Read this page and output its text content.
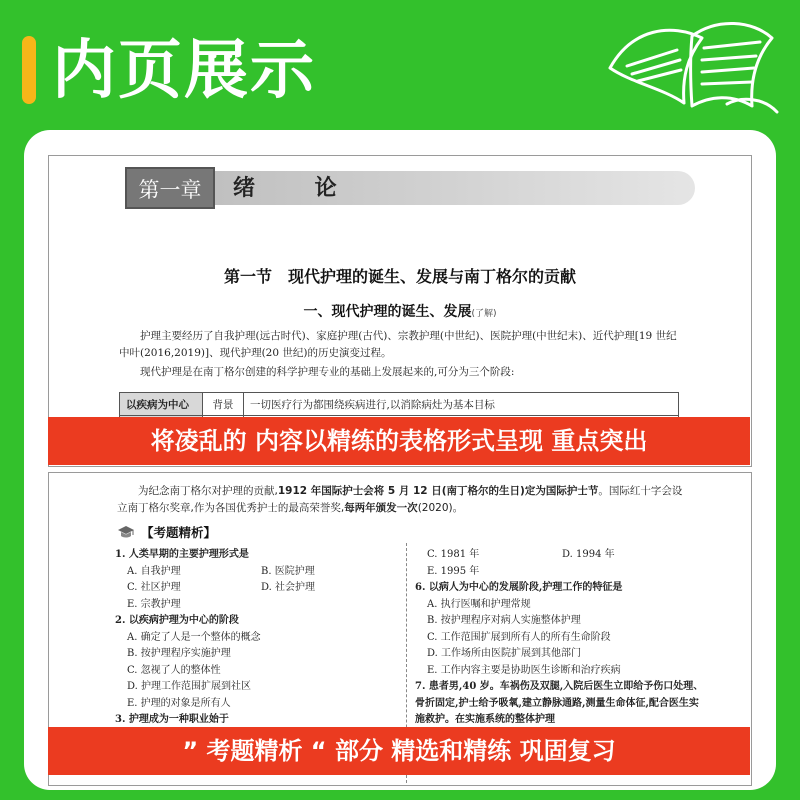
内页展示
第一章	绪 论
第一节　现代护理的诞生、发展与南丁格尔的贡献
一、现代护理的诞生、发展(了解)

护理主要经历了自我护理(远古时代)、家庭护理(古代)、宗教护理(中世纪)、医院护理(中世纪末)、近代护理[19 世纪中叶(2016,2019)]、现代护理(20 世纪)的历史演变过程。

现代护理是在南丁格尔创建的科学护理专业的基础上发展起来的,可分为三个阶段:

以疾病为中心	背景	一切医疗行为都围绕疾病进行,以消除病灶为基本目标

将凌乱的 内容以精练的表格形式呈现 重点突出

为纪念南丁格尔对护理的贡献,1912 年国际护士会将 5 月 12 日(南丁格尔的生日)定为国际护士节。国际红十字会设立南丁格尔奖章,作为各国优秀护士的最高荣誉奖,每两年颁发一次(2020)。

【考题精析】
1. 人类早期的主要护理形式是
A. 自我护理	B. 医院护理
C. 社区护理	D. 社会护理
E. 宗教护理
2. 以疾病护理为中心的阶段
A. 确定了人是一个整体的概念
B. 按护理程序实施护理
C. 忽视了人的整体性
D. 护理工作范围扩展到社区
E. 护理的对象是所有人
3. 护理成为一种职业始于
C. 1981 年	D. 1994 年
E. 1995 年
6. 以病人为中心的发展阶段,护理工作的特征是
A. 执行医嘱和护理常规
B. 按护理程序对病人实施整体护理
C. 工作范围扩展到所有人的所有生命阶段
D. 工作场所由医院扩展到其他部门
E. 工作内容主要是协助医生诊断和治疗疾病
7. 患者男,40 岁。车祸伤及双腿,入院后医生立即给予伤口处理、骨折固定,护士给予吸氧,建立静脉通路,测量生命体征,配合医生实施救护。在实施系统的整体护理
” 考题精析 “ 部分 精选和精练 巩固复习
